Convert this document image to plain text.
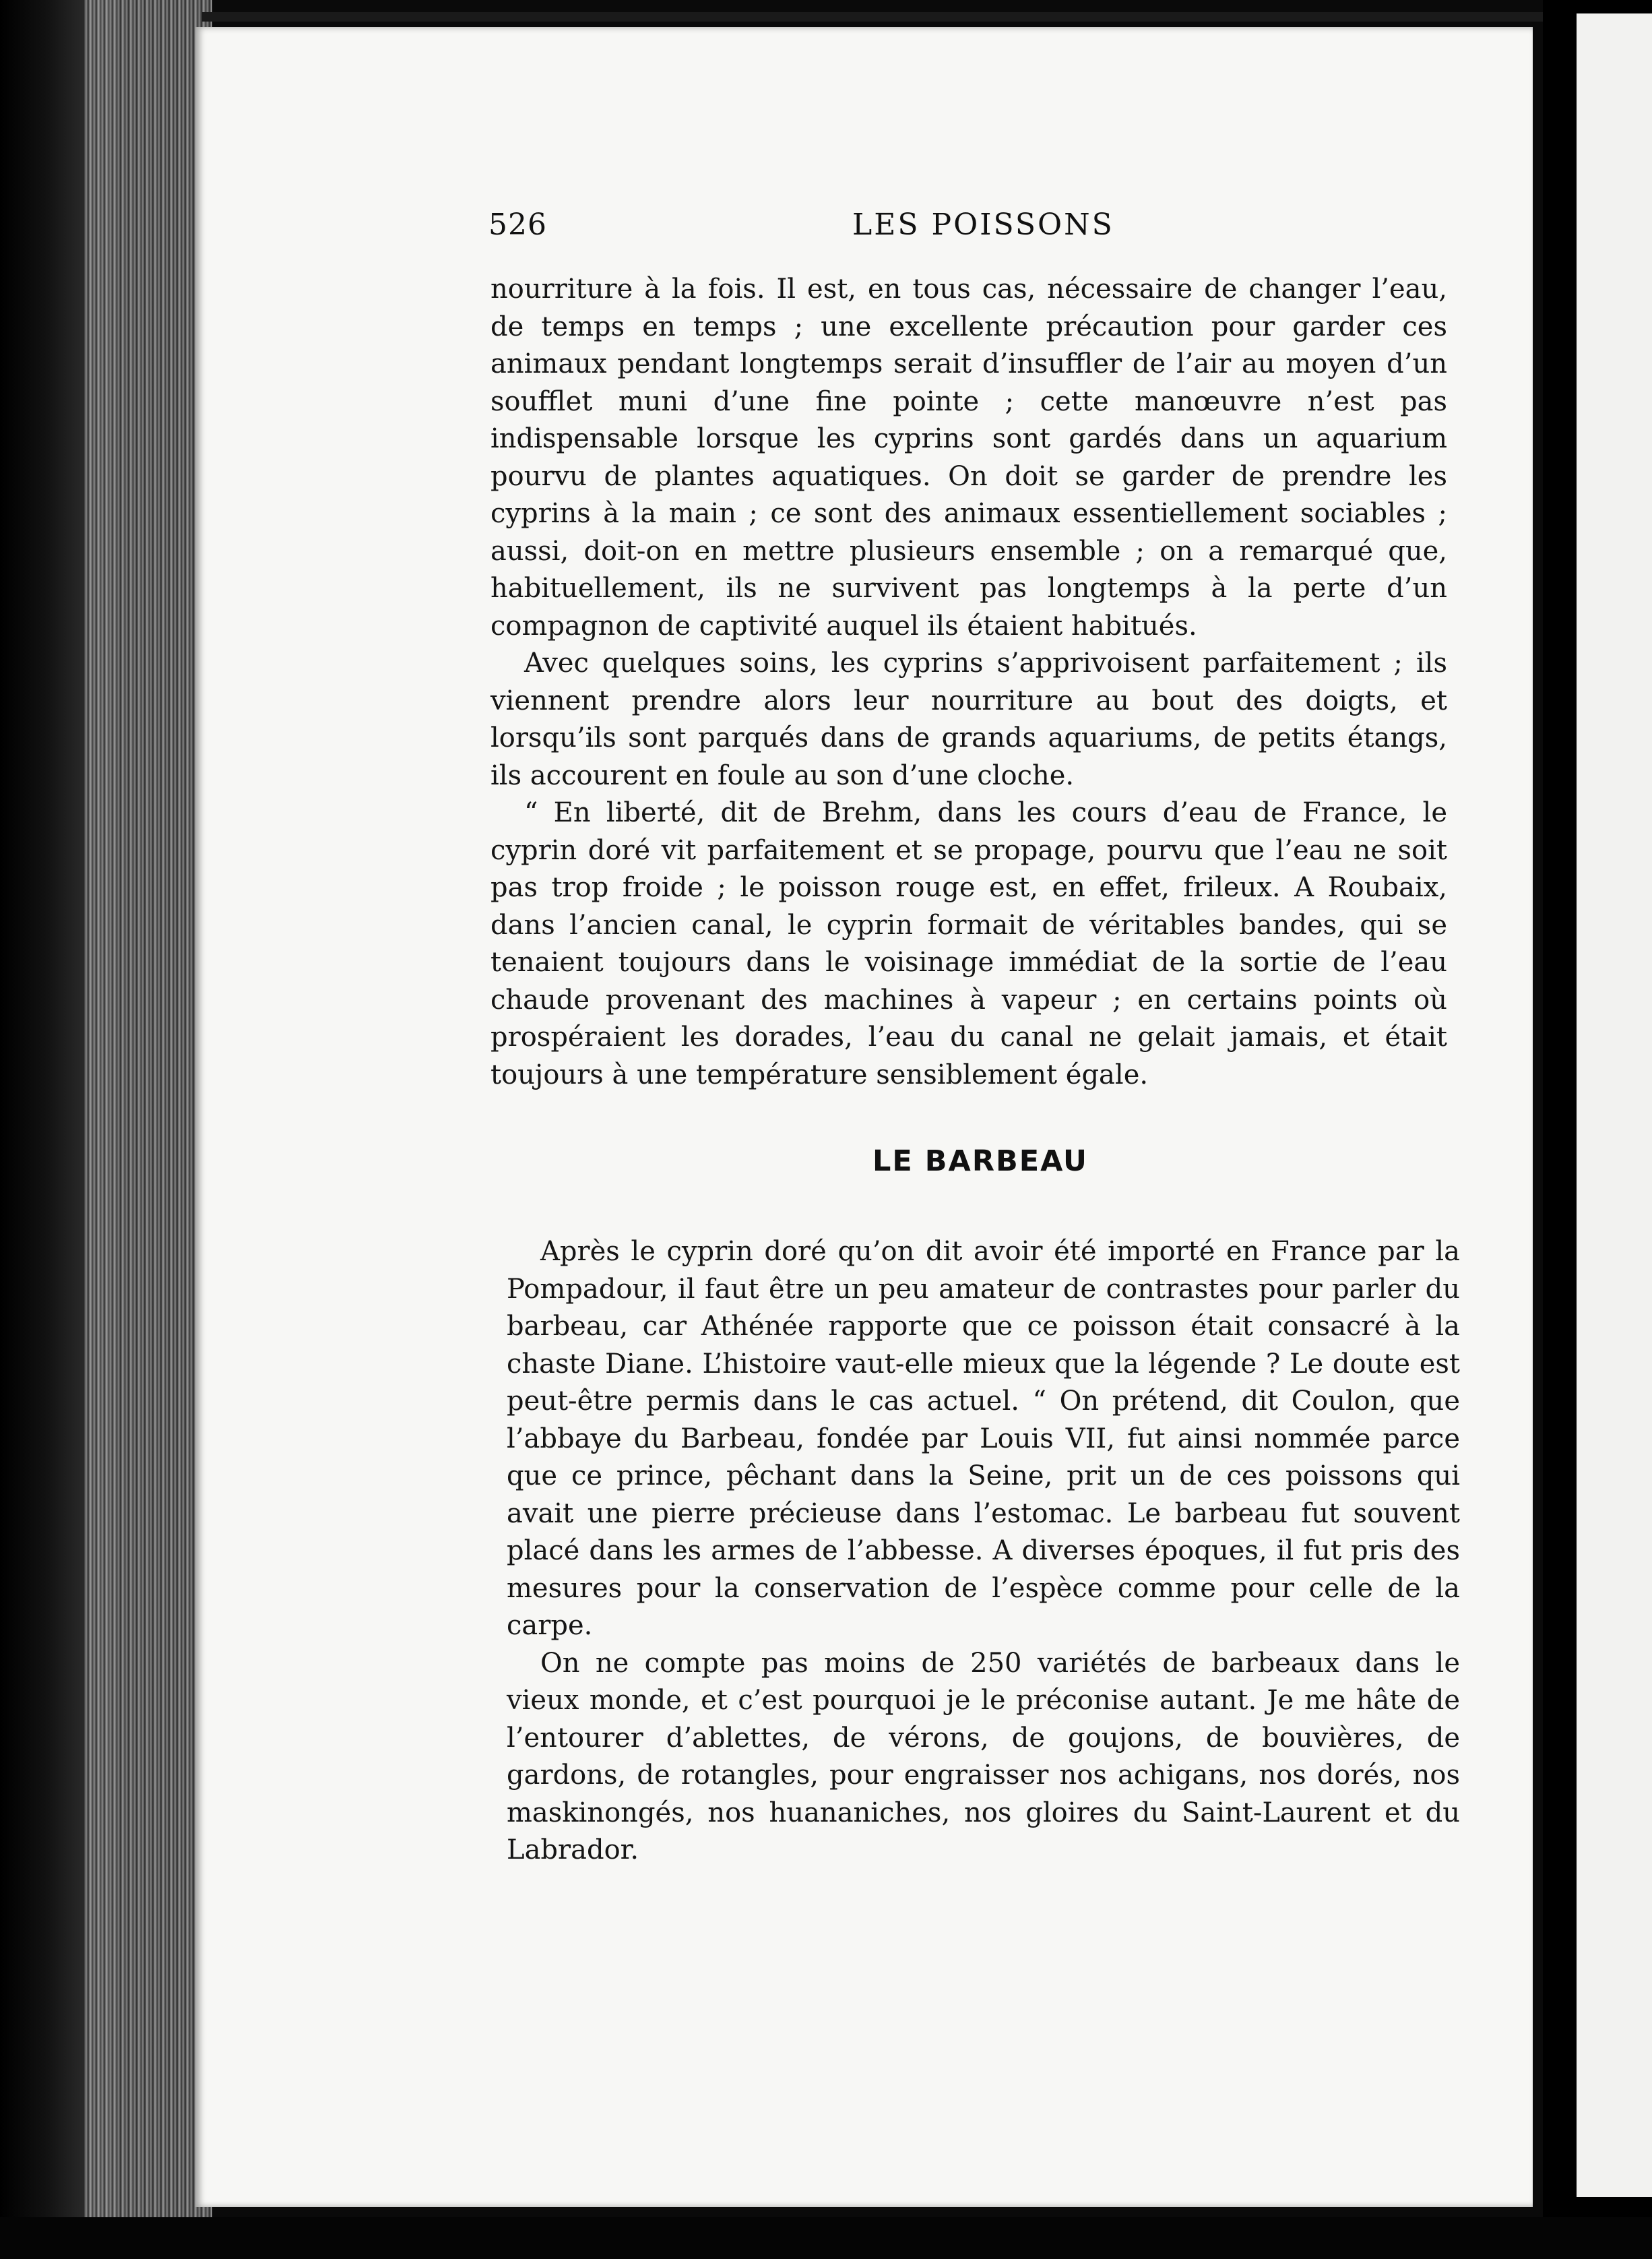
526	LES POISSONS

nourriture à la fois. Il est, en tous cas, nécessaire de changer l’eau, de temps en temps ; une excellente précaution pour garder ces animaux pendant longtemps serait d’insuffler de l’air au moyen d’un soufflet muni d’une fine pointe ; cette manœuvre n’est pas indispensable lorsque les cyprins sont gardés dans un aquarium pourvu de plantes aquatiques. On doit se garder de prendre les cyprins à la main ; ce sont des animaux essentiellement sociables ; aussi, doit-on en mettre plusieurs ensemble ; on a remarqué que, habituellement, ils ne survivent pas longtemps à la perte d’un compagnon de captivité auquel ils étaient habitués.

Avec quelques soins, les cyprins s’apprivoisent parfaitement ; ils viennent prendre alors leur nourriture au bout des doigts, et lorsqu’ils sont parqués dans de grands aquariums, de petits étangs, ils accourent en foule au son d’une cloche.

“ En liberté, dit de Brehm, dans les cours d’eau de France, le cyprin doré vit parfaitement et se propage, pourvu que l’eau ne soit pas trop froide ; le poisson rouge est, en effet, frileux. A Roubaix, dans l’ancien canal, le cyprin formait de véritables bandes, qui se tenaient toujours dans le voisinage immédiat de la sortie de l’eau chaude provenant des machines à vapeur ; en certains points où prospéraient les dorades, l’eau du canal ne gelait jamais, et était toujours à une température sensiblement égale.

LE BARBEAU

Après le cyprin doré qu’on dit avoir été importé en France par la Pompadour, il faut être un peu amateur de contrastes pour parler du barbeau, car Athénée rapporte que ce poisson était consacré à la chaste Diane. L’histoire vaut-elle mieux que la légende ? Le doute est peut-être permis dans le cas actuel. “ On prétend, dit Coulon, que l’abbaye du Barbeau, fondée par Louis VII, fut ainsi nommée parce que ce prince, pêchant dans la Seine, prit un de ces poissons qui avait une pierre précieuse dans l’estomac. Le barbeau fut souvent placé dans les armes de l’abbesse. A diverses époques, il fut pris des mesures pour la conservation de l’espèce comme pour celle de la carpe.

On ne compte pas moins de 250 variétés de barbeaux dans le vieux monde, et c’est pourquoi je le préconise autant. Je me hâte de l’entourer d’ablettes, de vérons, de goujons, de bouvières, de gardons, de rotangles, pour engraisser nos achigans, nos dorés, nos maskinongés, nos huananiches, nos gloires du Saint-Laurent et du Labrador.
